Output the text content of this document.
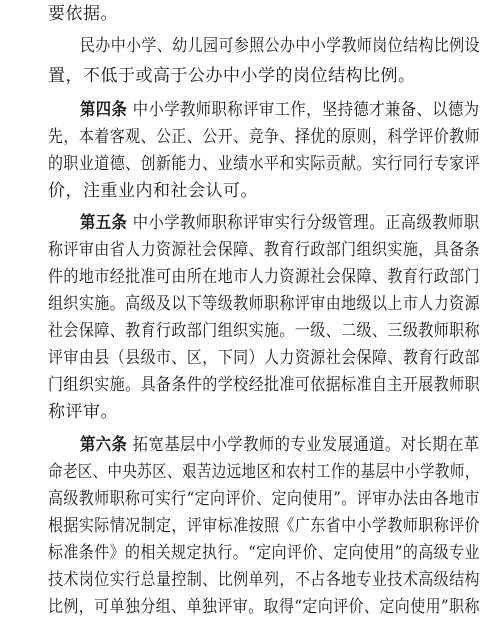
要依据。
民办中小学、幼儿园可参照公办中小学教师岗位结构比例设
置，不低于或高于公办中小学的岗位结构比例。
第四条 中小学教师职称评审工作，坚持德才兼备、以德为
先，本着客观、公正、公开、竞争、择优的原则，科学评价教师
的职业道德、创新能力、业绩水平和实际贡献。实行同行专家评
价，注重业内和社会认可。
第五条 中小学教师职称评审实行分级管理。正高级教师职
称评审由省人力资源社会保障、教育行政部门组织实施，具备条
件的地市经批准可由所在地市人力资源社会保障、教育行政部门
组织实施。高级及以下等级教师职称评审由地级以上市人力资源
社会保障、教育行政部门组织实施。一级、二级、三级教师职称
评审由县（县级市、区，下同）人力资源社会保障、教育行政部
门组织实施。具备条件的学校经批准可依据标准自主开展教师职
称评审。
第六条 拓宽基层中小学教师的专业发展通道。对长期在革
命老区、中央苏区、艰苦边远地区和农村工作的基层中小学教师，
高级教师职称可实行“定向评价、定向使用”。评审办法由各地市
根据实际情况制定，评审标准按照《广东省中小学教师职称评价
标准条件》的相关规定执行。“定向评价、定向使用”的高级专业
技术岗位实行总量控制、比例单列，不占各地专业技术高级结构
比例，可单独分组、单独评审。取得“定向评价、定向使用”职称
